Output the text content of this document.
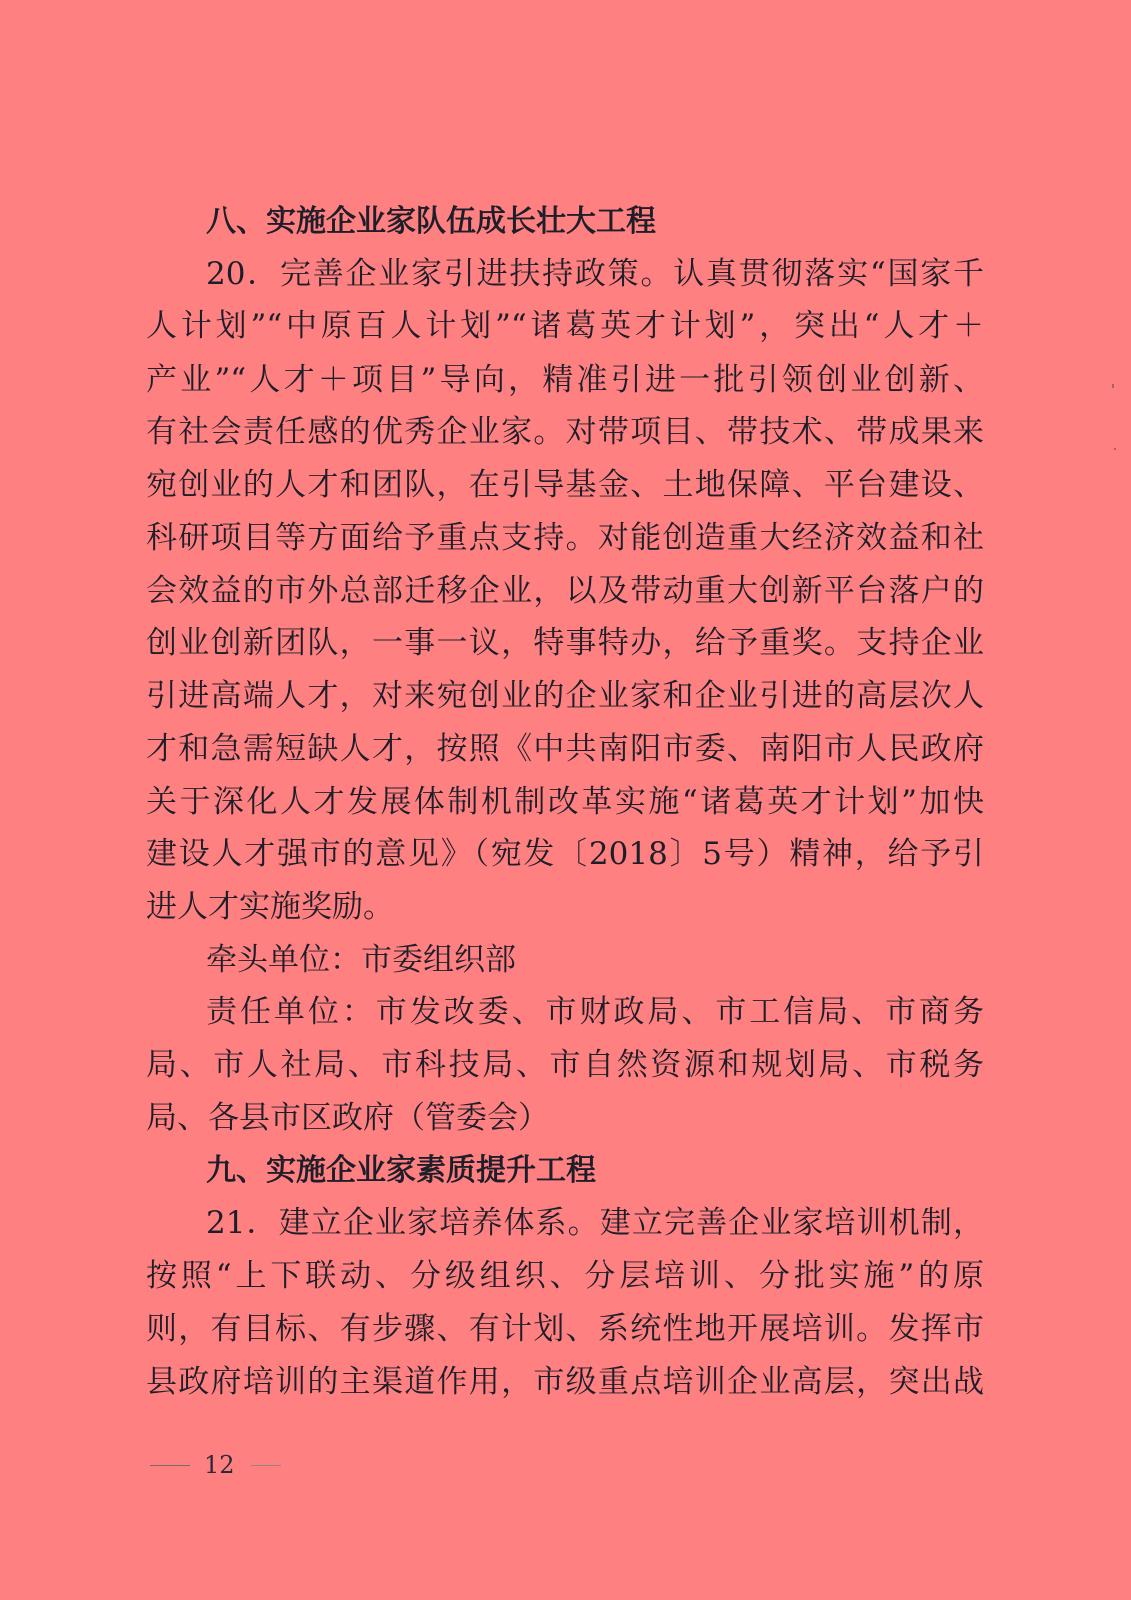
八、实施企业家队伍成长壮大工程
20．完善企业家引进扶持政策。认真贯彻落实“国家千
人计划”“中原百人计划”“诸葛英才计划”，突出“人才＋
产业”“人才＋项目”导向，精准引进一批引领创业创新、
有社会责任感的优秀企业家。对带项目、带技术、带成果来
宛创业的人才和团队，在引导基金、土地保障、平台建设、
科研项目等方面给予重点支持。对能创造重大经济效益和社
会效益的市外总部迁移企业，以及带动重大创新平台落户的
创业创新团队，一事一议，特事特办，给予重奖。支持企业
引进高端人才，对来宛创业的企业家和企业引进的高层次人
才和急需短缺人才，按照《中共南阳市委、南阳市人民政府
关于深化人才发展体制机制改革实施“诸葛英才计划”加快
建设人才强市的意见》（宛发〔2018〕5号）精神，给予引
进人才实施奖励。
牵头单位：市委组织部
责任单位：市发改委、市财政局、市工信局、市商务
局、市人社局、市科技局、市自然资源和规划局、市税务
局、各县市区政府（管委会）
九、实施企业家素质提升工程
21．建立企业家培养体系。建立完善企业家培训机制，
按照“上下联动、分级组织、分层培训、分批实施”的原
则，有目标、有步骤、有计划、系统性地开展培训。发挥市
县政府培训的主渠道作用，市级重点培训企业高层，突出战
12
